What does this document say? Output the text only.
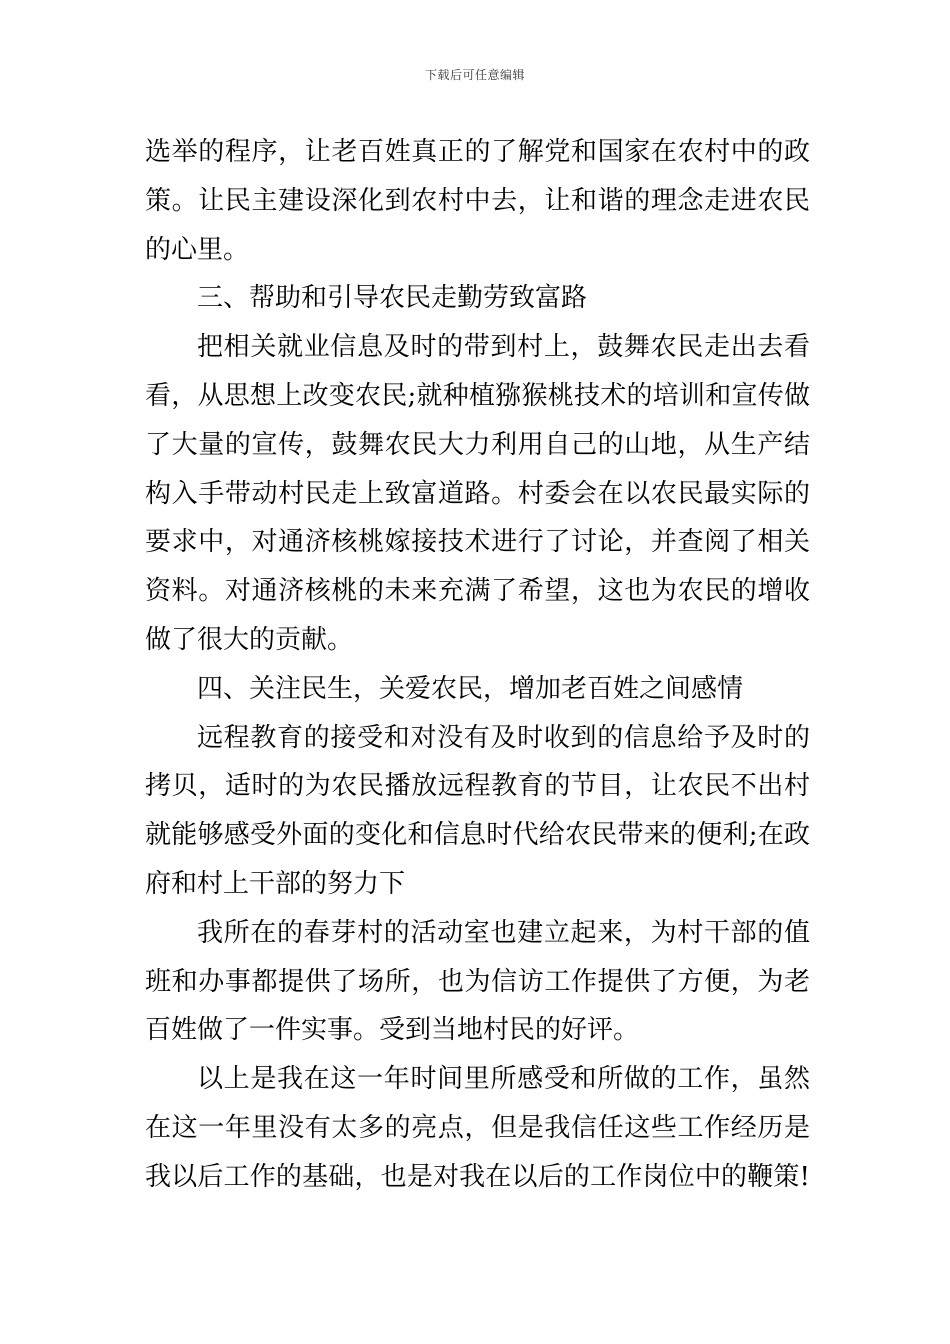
下载后可任意编辑
选举的程序，让老百姓真正的了解党和国家在农村中的政
策。让民主建设深化到农村中去，让和谐的理念走进农民
的心里。
三、帮助和引导农民走勤劳致富路
把相关就业信息及时的带到村上，鼓舞农民走出去看
看，从思想上改变农民;就种植猕猴桃技术的培训和宣传做
了大量的宣传，鼓舞农民大力利用自己的山地，从生产结
构入手带动村民走上致富道路。村委会在以农民最实际的
要求中，对通济核桃嫁接技术进行了讨论，并查阅了相关
资料。对通济核桃的未来充满了希望，这也为农民的增收
做了很大的贡献。
四、关注民生，关爱农民，增加老百姓之间感情
远程教育的接受和对没有及时收到的信息给予及时的
拷贝，适时的为农民播放远程教育的节目，让农民不出村
就能够感受外面的变化和信息时代给农民带来的便利;在政
府和村上干部的努力下
我所在的春芽村的活动室也建立起来，为村干部的值
班和办事都提供了场所，也为信访工作提供了方便，为老
百姓做了一件实事。受到当地村民的好评。
以上是我在这一年时间里所感受和所做的工作，虽然
在这一年里没有太多的亮点，但是我信任这些工作经历是
我以后工作的基础，也是对我在以后的工作岗位中的鞭策!
